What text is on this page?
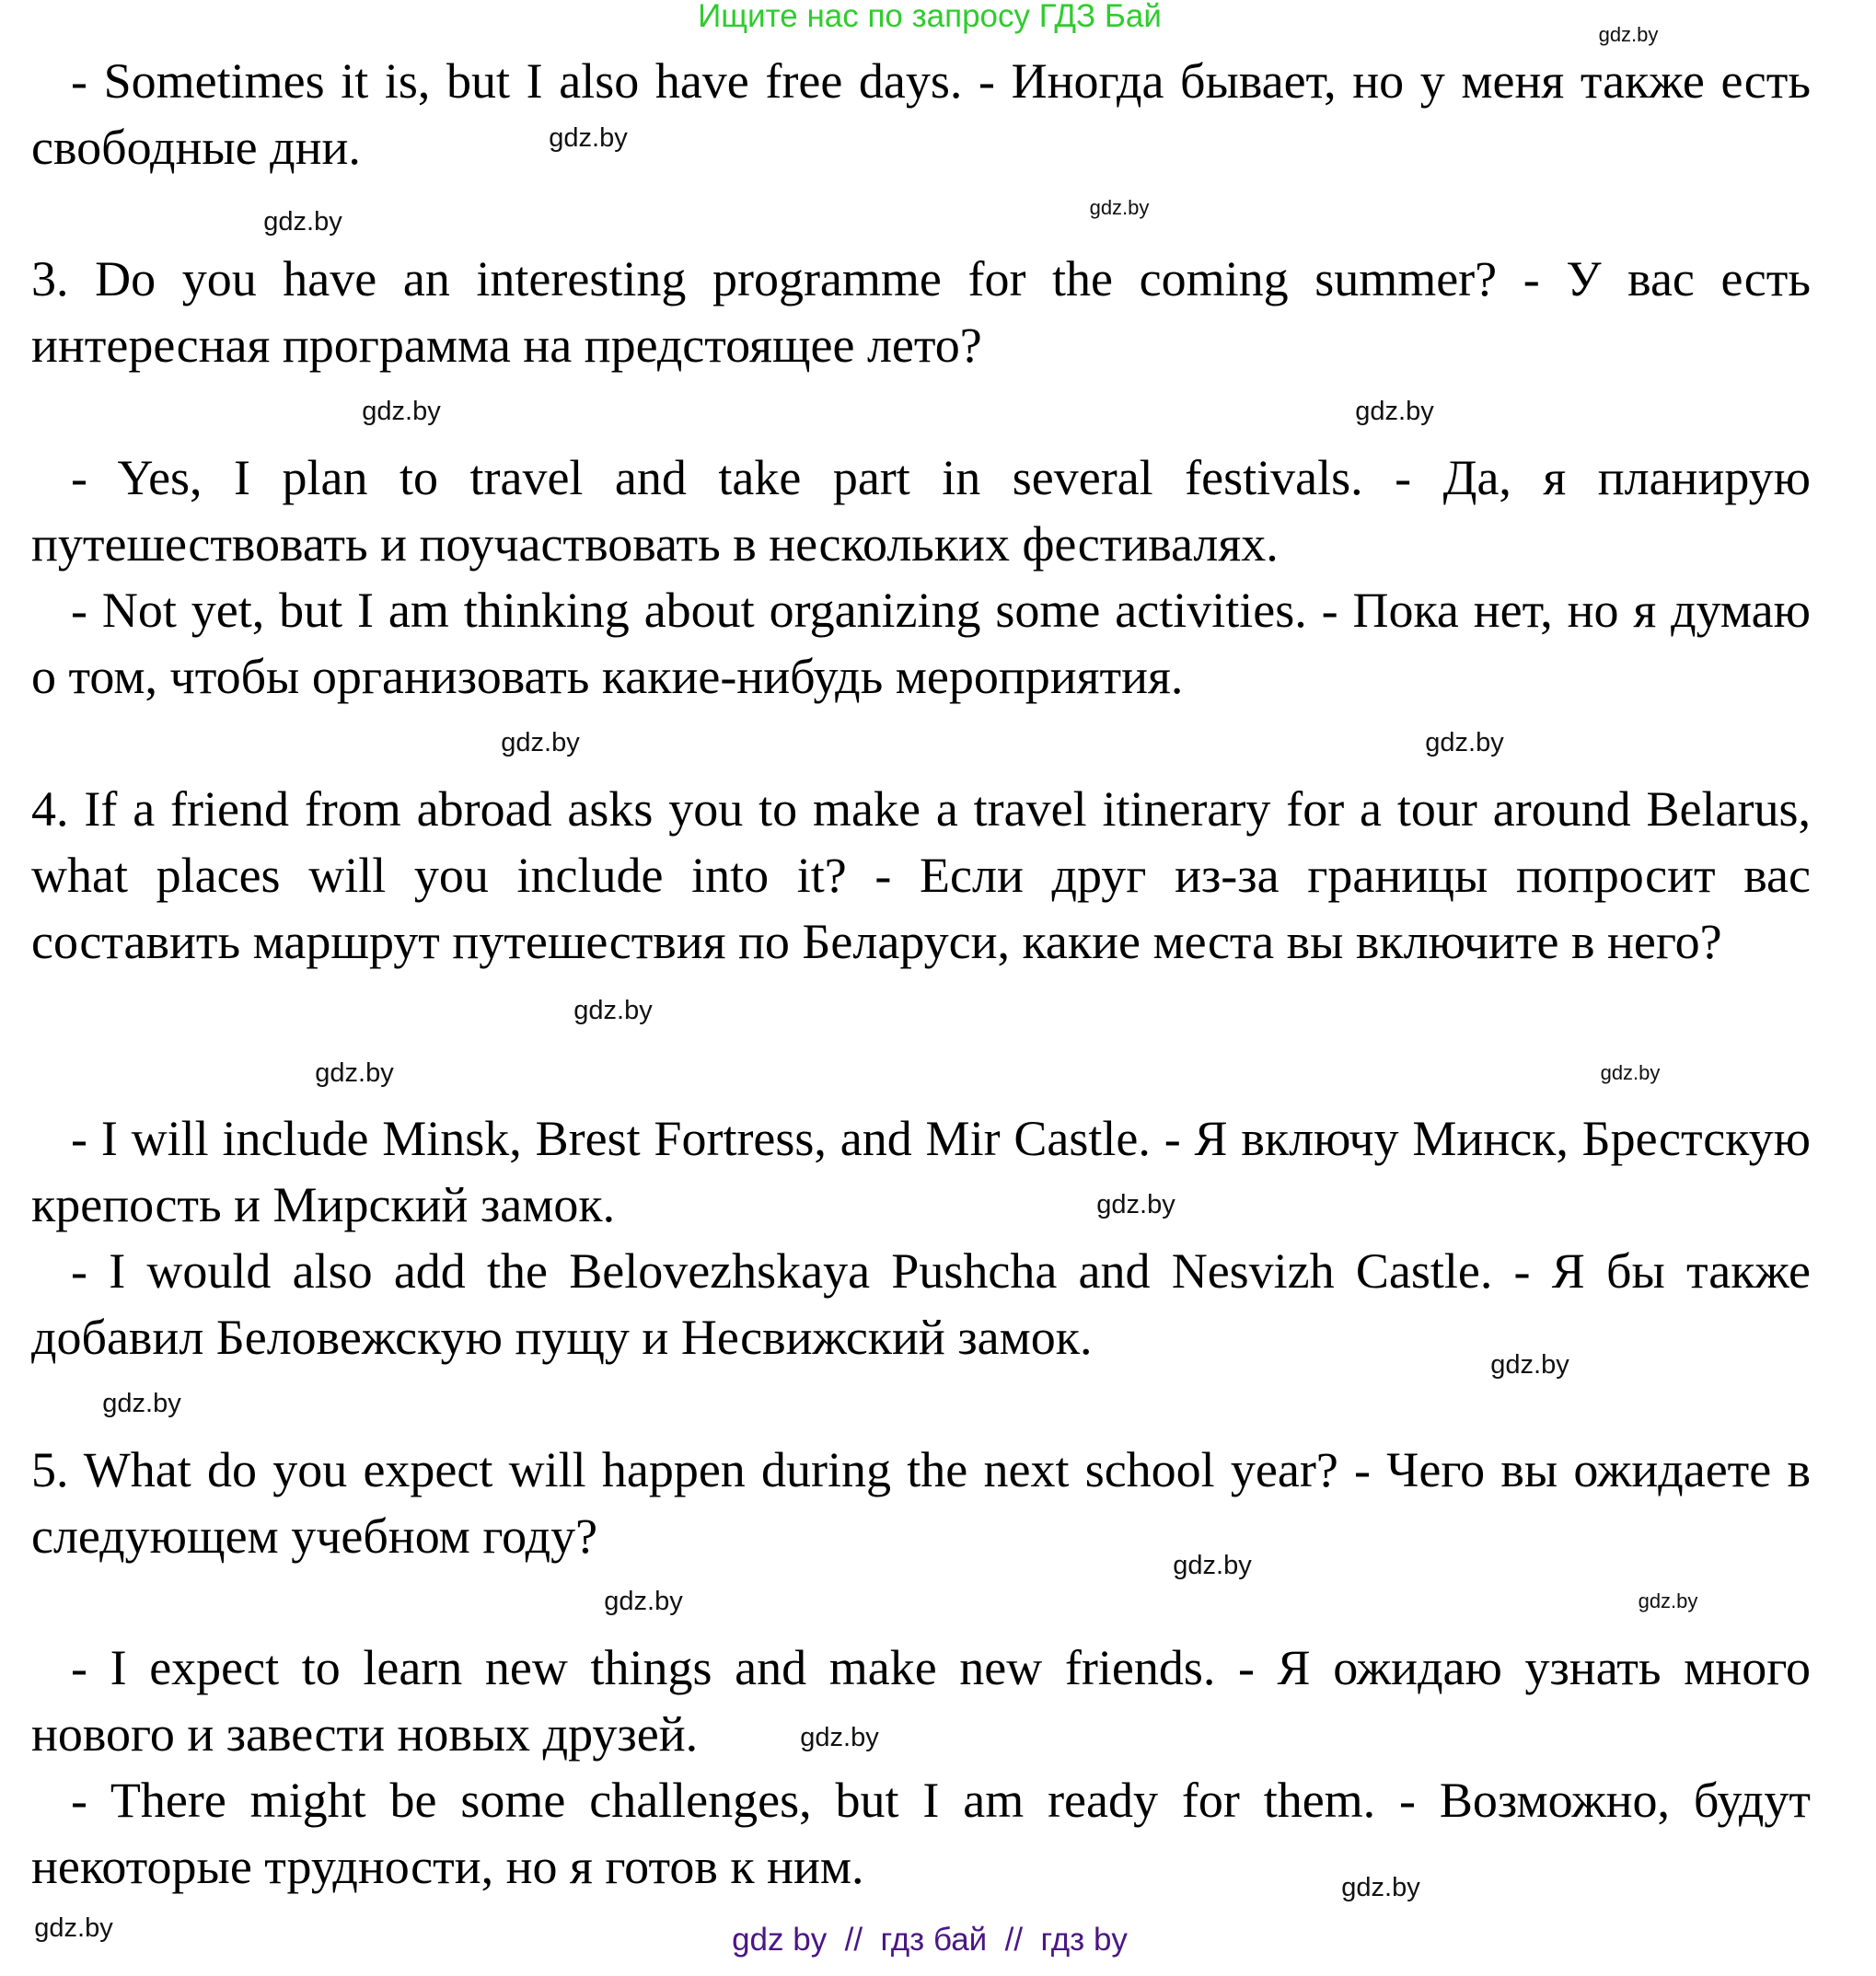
Ищите нас по запросу ГДЗ Бай
- Sometimes it is, but I also have free days. - Иногда бывает, но у меня также есть свободные дни.
3. Do you have an interesting programme for the coming summer? - У вас есть интересная программа на предстоящее лето?
- Yes, I plan to travel and take part in several festivals. - Да, я планирую путешествовать и поучаствовать в нескольких фестивалях.
- Not yet, but I am thinking about organizing some activities. - Пока нет, но я думаю о том, чтобы организовать какие-нибудь мероприятия.
4. If a friend from abroad asks you to make a travel itinerary for a tour around Belarus, what places will you include into it? - Если друг из-за границы попросит вас составить маршрут путешествия по Беларуси, какие места вы включите в него?
- I will include Minsk, Brest Fortress, and Mir Castle. - Я включу Минск, Брестскую крепость и Мирский замок.
- I would also add the Belovezhskaya Pushcha and Nesvizh Castle. - Я бы также добавил Беловежскую пущу и Несвижский замок.
5. What do you expect will happen during the next school year? - Чего вы ожидаете в следующем учебном году?
- I expect to learn new things and make new friends. - Я ожидаю узнать много нового и завести новых друзей.
- There might be some challenges, but I am ready for them. - Возможно, будут некоторые трудности, но я готов к ним.
gdz.by
gdz.by
gdz.by
gdz.by
gdz.by
gdz.by
gdz.by
gdz.by
gdz.by
gdz.by
gdz.by
gdz.by
gdz.by
gdz.by
gdz.by
gdz.by	gdz.by
gdz.by
gdz.by
gdz.by
gdz by  //  гдз бай  //  гдз by
